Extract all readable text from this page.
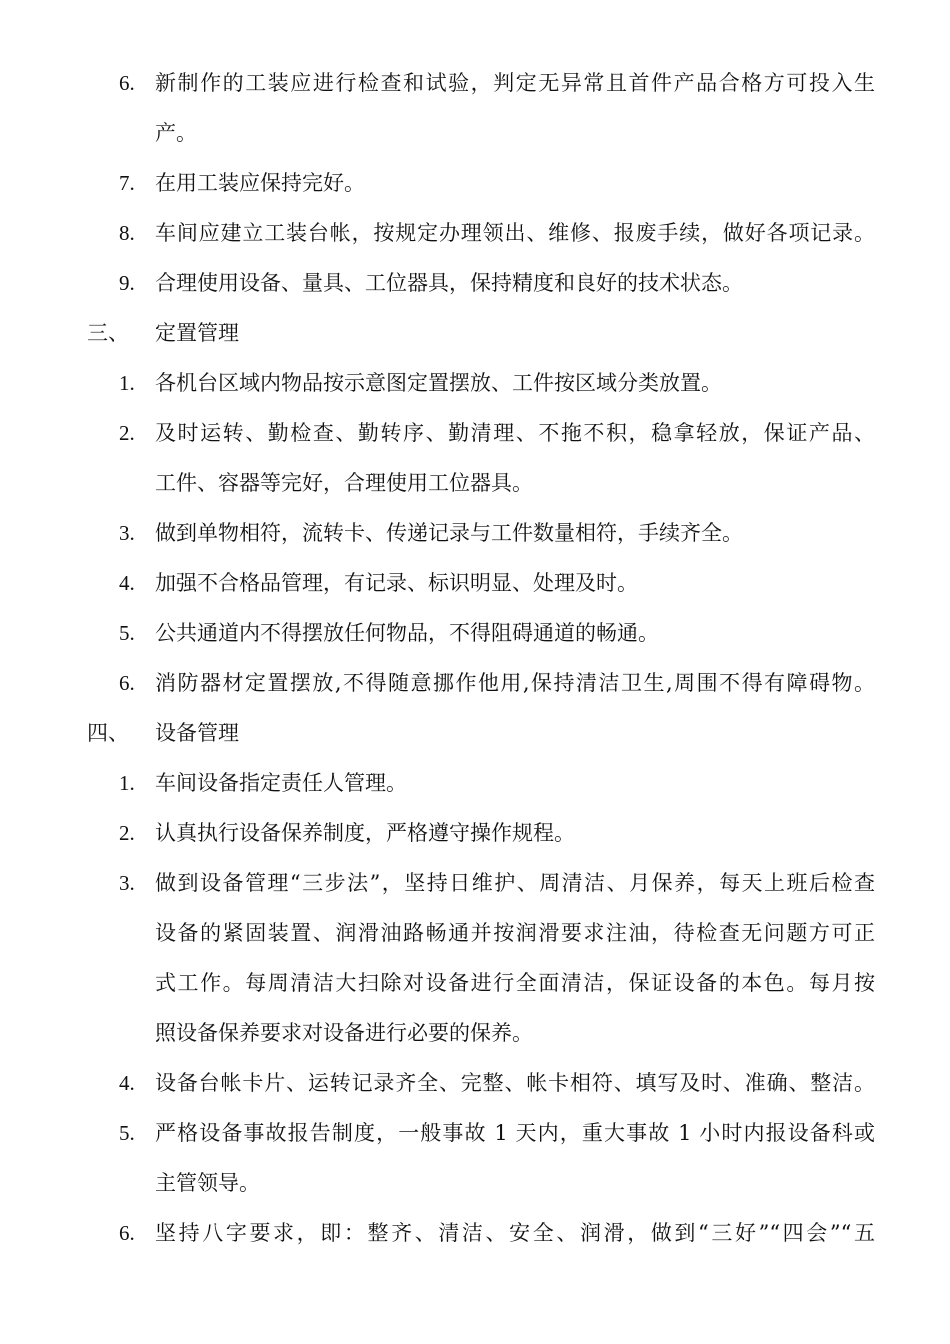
6. 新制作的工装应进行检查和试验，判定无异常且首件产品合格方可投入生
产。
7. 在用工装应保持完好。
8. 车间应建立工装台帐，按规定办理领出、维修、报废手续，做好各项记录。
9. 合理使用设备、量具、工位器具，保持精度和良好的技术状态。
三、 定置管理
1. 各机台区域内物品按示意图定置摆放、工件按区域分类放置。
2. 及时运转、勤检查、勤转序、勤清理、不拖不积，稳拿轻放，保证产品、
工件、容器等完好，合理使用工位器具。
3. 做到单物相符，流转卡、传递记录与工件数量相符，手续齐全。
4. 加强不合格品管理，有记录、标识明显、处理及时。
5. 公共通道内不得摆放任何物品，不得阻碍通道的畅通。
6. 消防器材定置摆放,不得随意挪作他用,保持清洁卫生,周围不得有障碍物。
四、 设备管理
1. 车间设备指定责任人管理。
2. 认真执行设备保养制度，严格遵守操作规程。
3. 做到设备管理“三步法”，坚持日维护、周清洁、月保养，每天上班后检查
设备的紧固装置、润滑油路畅通并按润滑要求注油，待检查无问题方可正
式工作。每周清洁大扫除对设备进行全面清洁，保证设备的本色。每月按
照设备保养要求对设备进行必要的保养。
4. 设备台帐卡片、运转记录齐全、完整、帐卡相符、填写及时、准确、整洁。
5. 严格设备事故报告制度，一般事故 1 天内，重大事故 1 小时内报设备科或
主管领导。
6. 坚持八字要求，即：整齐、清洁、安全、润滑，做到“三好”“四会”“五
